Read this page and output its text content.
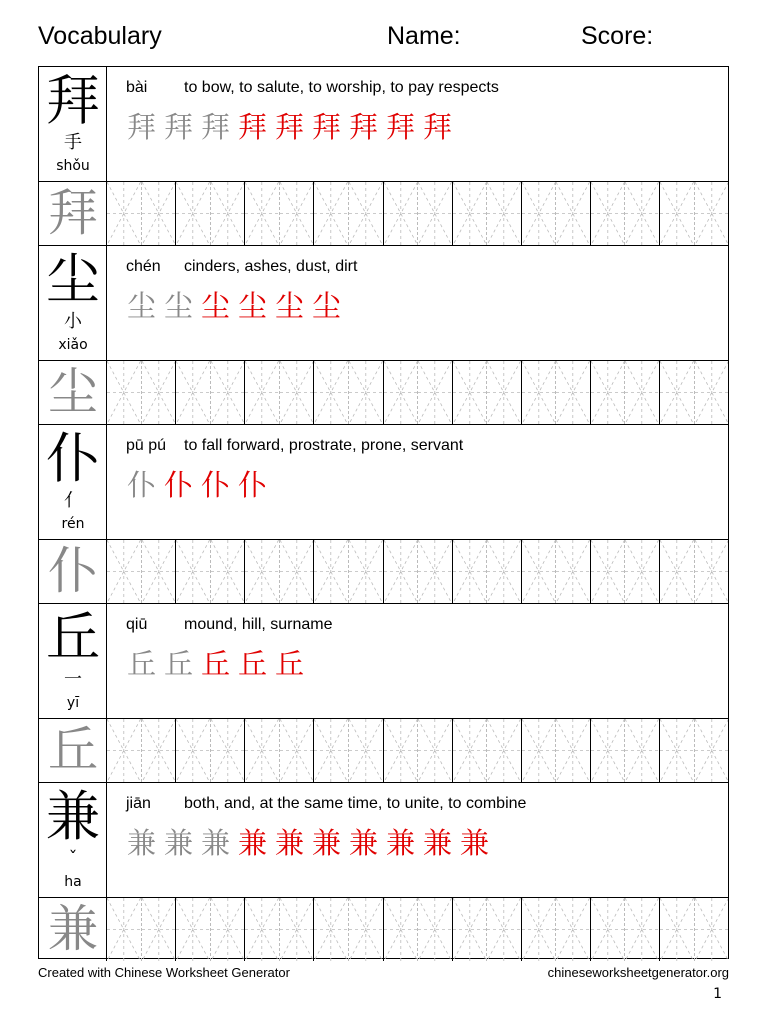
Vocabulary	Name:	Score:
拜
手
shǒu
bài to bow, to salute, to worship, to pay respects
拜 拜 拜 拜 拜 拜 拜 拜 拜
拜
尘
小
xiǎo
chén cinders, ashes, dust, dirt
尘 尘 尘 尘 尘 尘
尘
仆
亻
rén
pū pú to fall forward, prostrate, prone, servant
仆 仆 仆 仆
仆
丘
一
yī
qiū mound, hill, surname
丘 丘 丘 丘 丘
丘
兼
ˇ
ha
jiān both, and, at the same time, to unite, to combine
兼 兼 兼 兼 兼 兼 兼 兼 兼 兼
兼
Created with Chinese Worksheet Generator	chineseworksheetgenerator.org
1
